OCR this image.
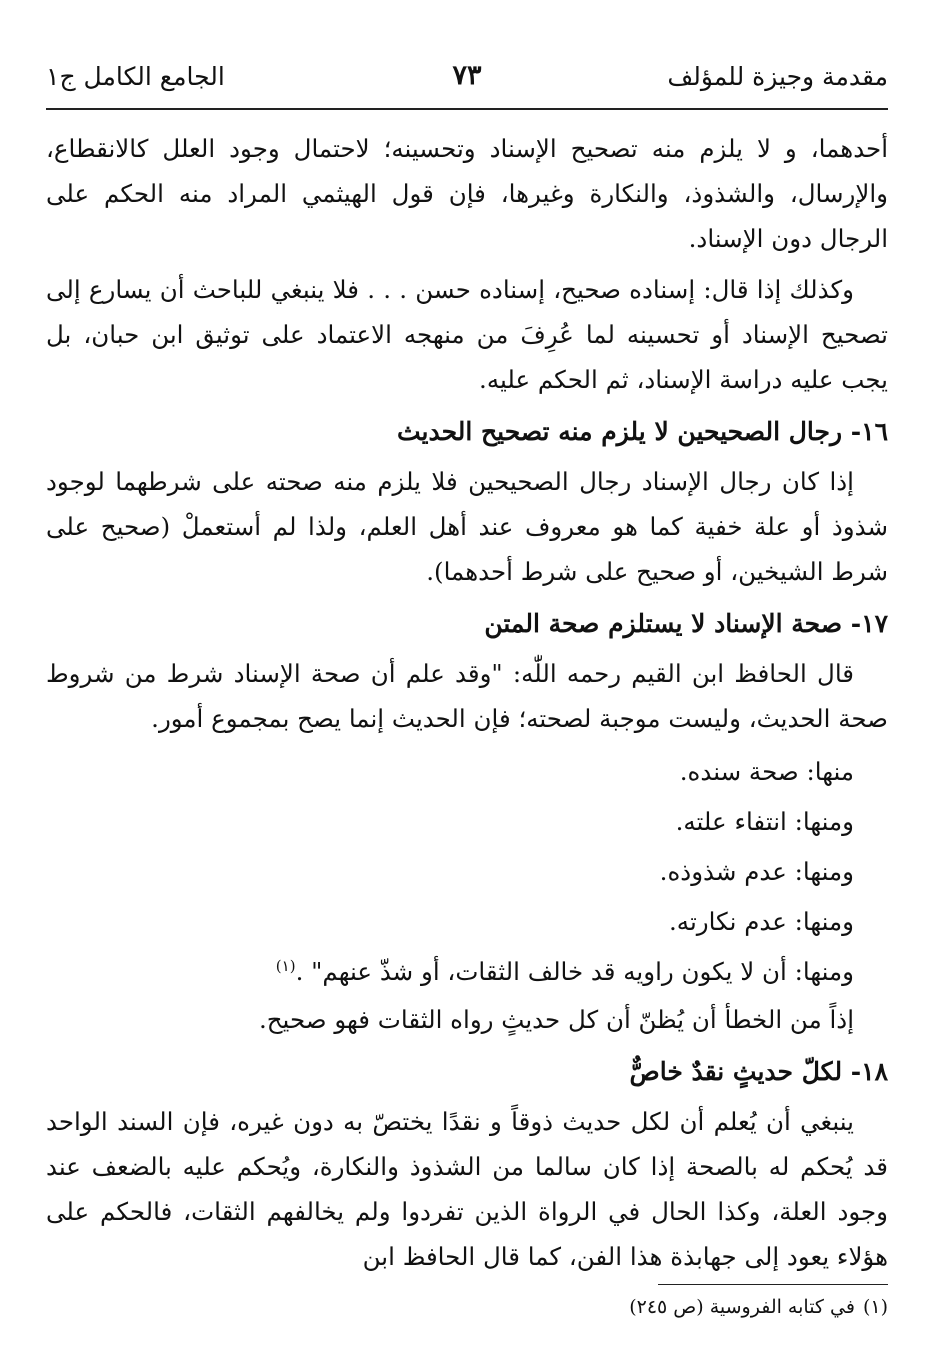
مقدمة وجيزة للمؤلف
٧٣
الجامع الكامل ج١

أحدهما، و لا يلزم منه تصحيح الإسناد وتحسينه؛ لاحتمال وجود العلل كالانقطاع، والإرسال، والشذوذ، والنكارة وغيرها، فإن قول الهيثمي المراد منه الحكم على الرجال دون الإسناد.

وكذلك إذا قال: إسناده صحيح، إسناده حسن . . . فلا ينبغي للباحث أن يسارع إلى تصحيح الإسناد أو تحسينه لما عُرِفَ من منهجه الاعتماد على توثيق ابن حبان، بل يجب عليه دراسة الإسناد، ثم الحكم عليه.

١٦- رجال الصحيحين لا يلزم منه تصحيح الحديث

إذا كان رجال الإسناد رجال الصحيحين فلا يلزم منه صحته على شرطهما لوجود شذوذ أو علة خفية كما هو معروف عند أهل العلم، ولذا لم أستعملْ (صحيح على شرط الشيخين، أو صحيح على شرط أحدهما).

١٧- صحة الإسناد لا يستلزم صحة المتن

قال الحافظ ابن القيم رحمه اللّٰه: "وقد علم أن صحة الإسناد شرط من شروط صحة الحديث، وليست موجبة لصحته؛ فإن الحديث إنما يصح بمجموع أمور.

منها: صحة سنده.
ومنها: انتفاء علته.
ومنها: عدم شذوذه.
ومنها: عدم نكارته.
ومنها: أن لا يكون راويه قد خالف الثقات، أو شذّ عنهم" .$^{(١)}$

إذاً من الخطأ أن يُظنّ أن كل حديثٍ رواه الثقات فهو صحيح.

١٨- لكلّ حديثٍ نقدٌ خاصٌّ

ينبغي أن يُعلم أن لكل حديث ذوقاً و نقدًا يختصّ به دون غيره، فإن السند الواحد قد يُحكم له بالصحة إذا كان سالما من الشذوذ والنكارة، ويُحكم عليه بالضعف عند وجود العلة، وكذا الحال في الرواة الذين تفردوا ولم يخالفهم الثقات، فالحكم على هؤلاء يعود إلى جهابذة هذا الفن، كما قال الحافظ ابن

(١)في كتابه الفروسية (ص ٢٤٥)
